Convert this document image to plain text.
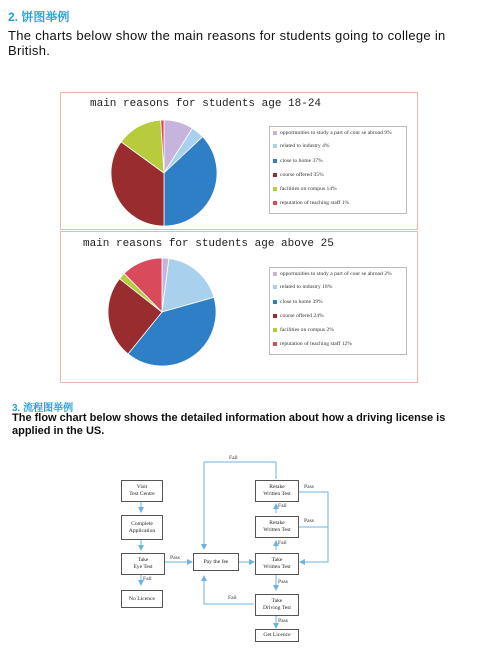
2. 饼图举例
The charts below show the main reasons for students going to college in British.
main reasons for students age 18-24
opportunities to study a part of cour se abroad 9%
related to industry 4%
close to home 37%
course offered 35%
facilities on compus 14%
reputation of teaching staff 1%
main reasons for students age above 25
opportunities to study a part of cour se abroad 2%
related to industry 18%
close to home 39%
course offered 24%
facilities on compus 2%
reputation of teaching staff 12%
3. 流程图举例
The flow chart below shows the detailed information about how a driving license is applied in the US.
Visit
Test Centre
Complete
Application
Take
Eye Test
No Licence
Pay the fee
Retake
Written Test
Retake
Written Test
Take
Written Test
Take
Driving Test
Get Licence
Fail
Fail
Fail
Fail
Fail
Pass
Pass
Pass
Pass
Pass
